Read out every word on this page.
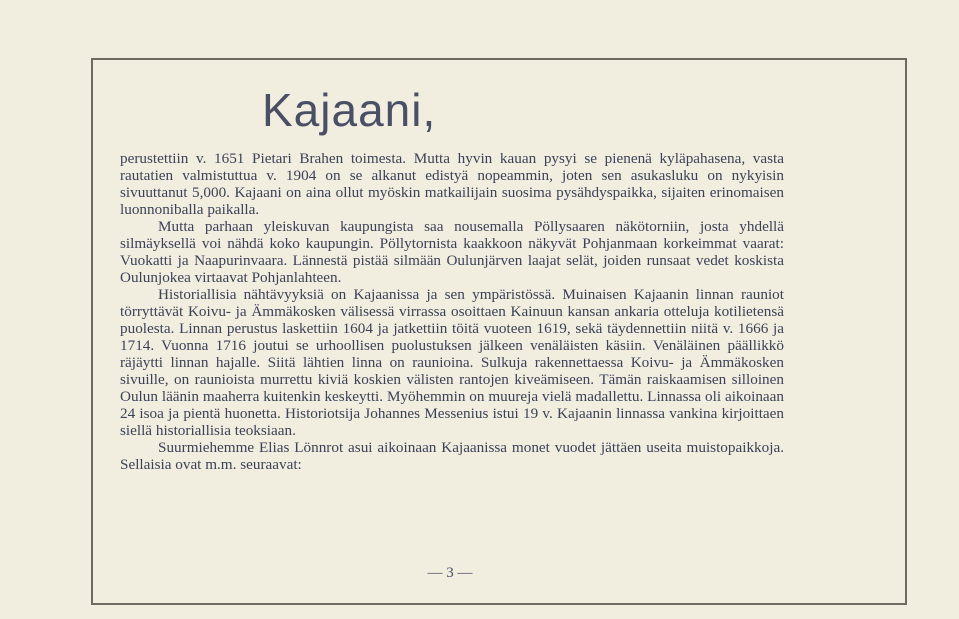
Kajaani,

perustettiin v. 1651 Pietari Brahen toimesta. Mutta hyvin kauan pysyi se pienenä kyläpahasena, vasta rautatien valmistuttua v. 1904 on se alkanut edistyä nopeammin, joten sen asukasluku on nykyisin sivuuttanut 5,000. Kajaani on aina ollut myöskin matkailijain suosima pysähdyspaikka, sijaiten erinomaisen luonnoniballa paikalla.

Mutta parhaan yleiskuvan kaupungista saa nousemalla Pöllysaaren näkötorniin, josta yhdellä silmäyksellä voi nähdä koko kaupungin. Pöllytornista kaakkoon näkyvät Pohjanmaan korkeimmat vaarat: Vuokatti ja Naapurinvaara. Lännestä pistää silmään Oulunjärven laajat selät, joiden runsaat vedet koskista Oulunjokea virtaavat Pohjanlahteen.

Historiallisia nähtävyyksiä on Kajaanissa ja sen ympäristössä. Muinaisen Kajaanin linnan rauniot törryttävät Koivu- ja Ämmäkosken välisessä virrassa osoittaen Kainuun kansan ankaria otteluja kotilietensä puolesta. Linnan perustus laskettiin 1604 ja jatkettiin töitä vuoteen 1619, sekä täydennettiin niitä v. 1666 ja 1714. Vuonna 1716 joutui se urhoollisen puolustuksen jälkeen venäläisten käsiin. Venäläinen päällikkö räjäytti linnan hajalle. Siitä lähtien linna on raunioina. Sulkuja rakennettaessa Koivu- ja Ämmäkosken sivuille, on raunioista murrettu kiviä koskien välisten rantojen kiveämiseen. Tämän raiskaamisen silloinen Oulun läänin maaherra kuitenkin keskeytti. Myöhemmin on muureja vielä madallettu. Linnassa oli aikoinaan 24 isoa ja pientä huonetta. Historiotsija Johannes Messenius istui 19 v. Kajaanin linnassa vankina kirjoittaen siellä historiallisia teoksiaan.

Suurmiehemme Elias Lönnrot asui aikoinaan Kajaanissa monet vuodet jättäen useita muistopaikkoja. Sellaisia ovat m.m. seuraavat:

— 3 —
